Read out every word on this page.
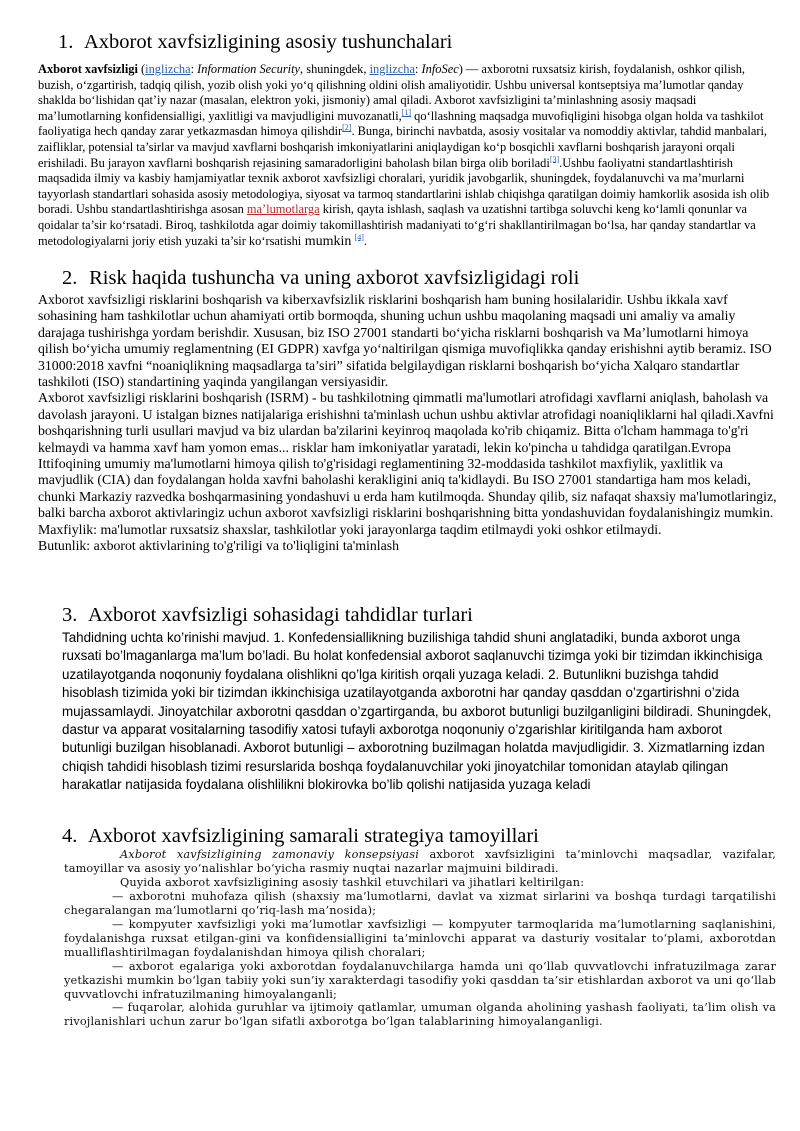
1. Axborot xavfsizligining asosiy tushunchalari
Axborot xavfsizligi (inglizcha: Information Security, shuningdek, inglizcha: InfoSec) — axborotni ruxsatsiz kirish, foydalanish, oshkor qilish, buzish, o‘zgartirish, tadqiq qilish, yozib olish yoki yo‘q qilishning oldini olish amaliyotidir. Ushbu universal kontseptsiya ma’lumotlar qanday shaklda bo‘lishidan qat’iy nazar (masalan, elektron yoki, jismoniy) amal qiladi. Axborot xavfsizligini ta’minlashning asosiy maqsadi ma’lumotlarning konfidensialligi, yaxlitligi va mavjudligini muvozanatli,[1] qo‘llashning maqsadga muvofiqligini hisobga olgan holda va tashkilot faoliyatiga hech qanday zarar yetkazmasdan himoya qilishdir[2]. Bunga, birinchi navbatda, asosiy vositalar va nomoddiy aktivlar, tahdid manbalari, zaifliklar, potensial ta’sirlar va mavjud xavflarni boshqarish imkoniyatlarini aniqlaydigan ko‘p bosqichli xavflarni boshqarish jarayoni orqali erishiladi. Bu jarayon xavflarni boshqarish rejasining samaradorligini baholash bilan birga olib boriladi[3].Ushbu faoliyatni standartlashtirish maqsadida ilmiy va kasbiy hamjamiyatlar texnik axborot xavfsizligi choralari, yuridik javobgarlik, shuningdek, foydalanuvchi va ma’murlarni tayyorlash standartlari sohasida asosiy metodologiya, siyosat va tarmoq standartlarini ishlab chiqishga qaratilgan doimiy hamkorlik asosida ish olib boradi. Ushbu standartlashtirishga asosan ma’lumotlarga kirish, qayta ishlash, saqlash va uzatishni tartibga soluvchi keng ko‘lamli qonunlar va qoidalar ta’sir ko‘rsatadi. Biroq, tashkilotda agar doimiy takomillashtirish madaniyati to‘g‘ri shakllantirilmagan bo‘lsa, har qanday standartlar va metodologiyalarni joriy etish yuzaki ta’sir ko‘rsatishi mumkin [4].
2. Risk haqida tushuncha va uning axborot xavfsizligidagi roli

Axborot xavfsizligi risklarini boshqarish va kiberxavfsizlik risklarini boshqarish ham buning hosilalaridir. Ushbu ikkala xavf sohasining ham tashkilotlar uchun ahamiyati ortib bormoqda, shuning uchun ushbu maqolaning maqsadi uni amaliy va amaliy darajaga tushirishga yordam berishdir. Xususan, biz ISO 27001 standarti bo‘yicha risklarni boshqarish va Ma’lumotlarni himoya qilish bo‘yicha umumiy reglamentning (EI GDPR) xavfga yo‘naltirilgan qismiga muvofiqlikka qanday erishishni aytib beramiz. ISO 31000:2018 xavfni “noaniqlikning maqsadlarga ta’siri” sifatida belgilaydigan risklarni boshqarish bo‘yicha Xalqaro standartlar tashkiloti (ISO) standartining yaqinda yangilangan versiyasidir.

Axborot xavfsizligi risklarini boshqarish (ISRM) - bu tashkilotning qimmatli ma'lumotlari atrofidagi xavflarni aniqlash, baholash va davolash jarayoni. U istalgan biznes natijalariga erishishni ta'minlash uchun ushbu aktivlar atrofidagi noaniqliklarni hal qiladi.Xavfni boshqarishning turli usullari mavjud va biz ulardan ba'zilarini keyinroq maqolada ko'rib chiqamiz. Bitta o'lcham hammaga to'g'ri kelmaydi va hamma xavf ham yomon emas... risklar ham imkoniyatlar yaratadi, lekin ko'pincha u tahdidga qaratilgan.Evropa Ittifoqining umumiy ma'lumotlarni himoya qilish to'g'risidagi reglamentining 32-moddasida tashkilot maxfiylik, yaxlitlik va mavjudlik (CIA) dan foydalangan holda xavfni baholashi kerakligini aniq ta'kidlaydi. Bu ISO 27001 standartiga ham mos keladi, chunki Markaziy razvedka boshqarmasining yondashuvi u erda ham kutilmoqda. Shunday qilib, siz nafaqat shaxsiy ma'lumotlaringiz, balki barcha axborot aktivlaringiz uchun axborot xavfsizligi risklarini boshqarishning bitta yondashuvidan foydalanishingiz mumkin. Maxfiylik: ma'lumotlar ruxsatsiz shaxslar, tashkilotlar yoki jarayonlarga taqdim etilmaydi yoki oshkor etilmaydi.

Butunlik: axborot aktivlarining to'g'riligi va to'liqligini ta'minlash

3. Axborot xavfsizligi sohasidagi tahdidlar turlari
Tahdidning uchta ko’rinishi mavjud. 1. Konfedensiallikning buzilishiga tahdid shuni anglatadiki, bunda axborot unga ruxsati bo’lmaganlarga ma’lum bo’ladi. Bu holat konfedensial axborot saqlanuvchi tizimga yoki bir tizimdan ikkinchisiga uzatilayotganda noqonuniy foydalana olishlikni qo’lga kiritish orqali yuzaga keladi. 2. Butunlikni buzishga tahdid hisoblash tizimida yoki bir tizimdan ikkinchisiga uzatilayotganda axborotni har qanday qasddan o’zgartirishni o’zida mujassamlaydi. Jinoyatchilar axborotni qasddan o’zgartirganda, bu axborot butunligi buzilganligini bildiradi. Shuningdek, dastur va apparat vositalarning tasodifiy xatosi tufayli axborotga noqonuniy o’zgarishlar kiritilganda ham axborot butunligi buzilgan hisoblanadi. Axborot butunligi – axborotning buzilmagan holatda mavjudligidir. 3. Xizmatlarning izdan chiqish tahdidi hisoblash tizimi resurslarida boshqa foydalanuvchilar yoki jinoyatchilar tomonidan ataylab qilingan harakatlar natijasida foydalana olishlilikni blokirovka bo’lib qolishi natijasida yuzaga keladi
4. Axborot xavfsizligining samarali strategiya tamoyillari

Axborot xavfsizligining zamonaviy konsepsiyasi axborot xavfsizligini ta’minlovchi maqsadlar, vazifalar, tamoyillar va asosiy yo‘nalishlar bo‘yicha rasmiy nuqtai nazarlar majmuini bildiradi.

Quyida axborot xavfsizligining asosiy tashkil etuvchilari va jihatlari keltirilgan:

— axborotni muhofaza qilish (shaxsiy ma’lumotlarni, davlat va xizmat sirlarini va boshqa turdagi tarqatilishi chegaralangan ma’lumotlarni qo‘riq-lash ma’nosida);

— kompyuter xavfsizligi yoki ma’lumotlar xavfsizligi — kompyuter tarmoqlarida ma’lumotlarning saqlanishini, foydalanishga ruxsat etilgan-gini va konfidensialligini ta’minlovchi apparat va dasturiy vositalar to‘plami, axborotdan mualliflashtirilmagan foydalanishdan himoya qilish choralari;

— axborot egalariga yoki axborotdan foydalanuvchilarga hamda uni qo‘llab quvvatlovchi infratuzilmaga zarar yetkazishi mumkin bo‘lgan tabiiy yoki sun’iy xarakterdagi tasodifiy yoki qasddan ta’sir etishlardan axborot va uni qo‘llab quvvatlovchi infratuzilmaning himoyalanganli;

— fuqarolar, alohida guruhlar va ijtimoiy qatlamlar, umuman olganda aholining yashash faoliyati, ta’lim olish va rivojlanishlari uchun zarur bo‘lgan sifatli axborotga bo‘lgan talablarining himoyalanganligi.
